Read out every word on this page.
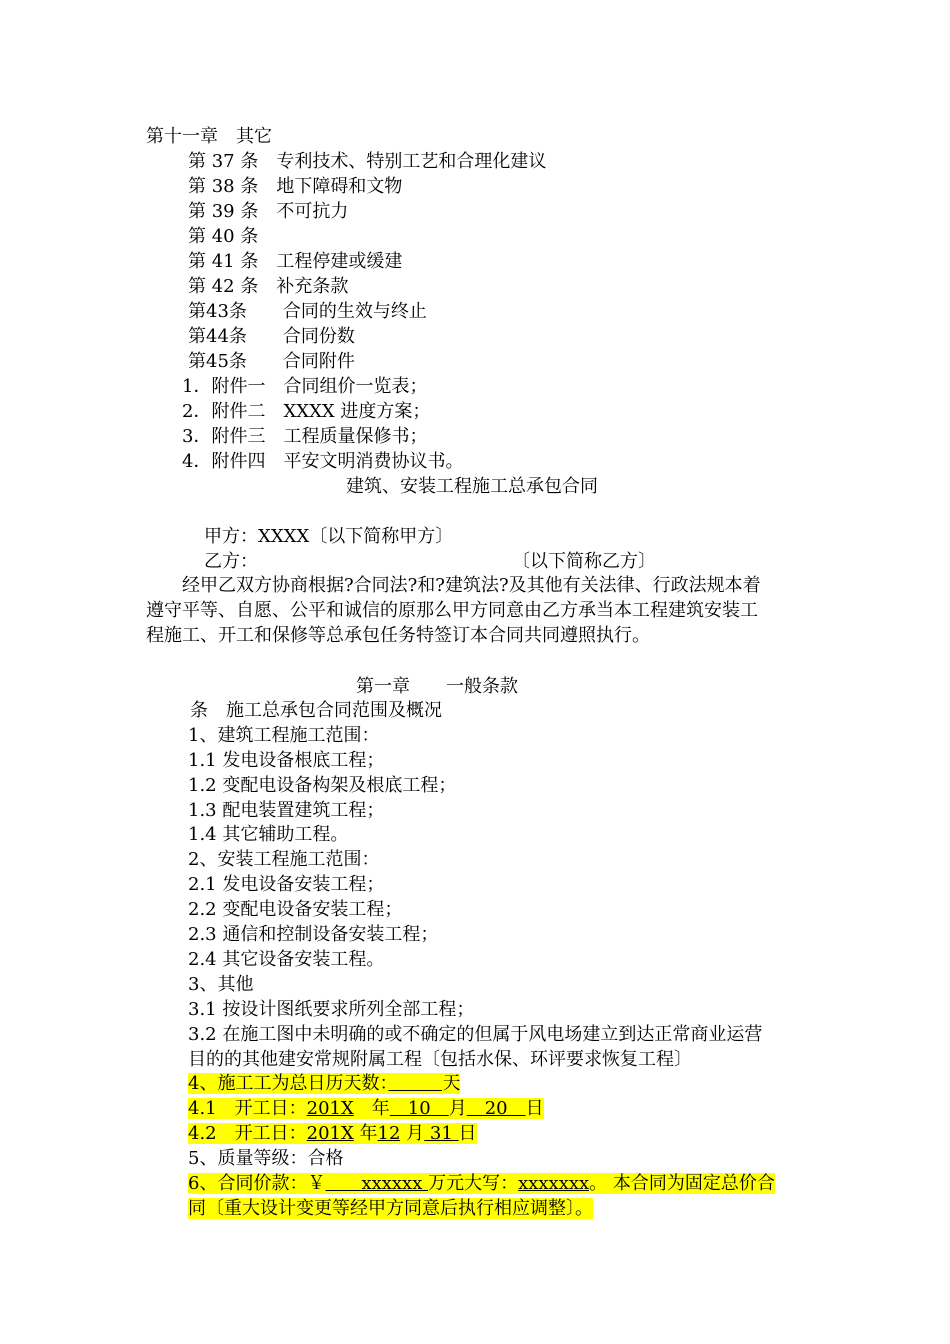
第十一章　其它
第 37 条　专利技术、特别工艺和合理化建议
第 38 条　地下障碍和文物
第 39 条　不可抗力
第 40 条
第 41 条　工程停建或缓建
第 42 条　补充条款
第43条　　合同的生效与终止
第44条　　合同份数
第45条　　合同附件
1．附件一　合同组价一览表；
2．附件二　XXXX 进度方案；
3．附件三　工程质量保修书；
4．附件四　平安文明消费协议书。
建筑、安装工程施工总承包合同
甲方：XXXX〔以下简称甲方〕
乙方：	〔以下简称乙方〕
经甲乙双方协商根据?合同法?和?建筑法?及其他有关法律、行政法规本着
遵守平等、自愿、公平和诚信的原那么甲方同意由乙方承当本工程建筑安装工
程施工、开工和保修等总承包任务特签订本合同共同遵照执行。
第一章　　一般条款
条　施工总承包合同范围及概况
1、建筑工程施工范围：
1.1 发电设备根底工程；
1.2 变配电设备构架及根底工程；
1.3 配电装置建筑工程；
1.4 其它辅助工程。
2、安装工程施工范围：
2.1 发电设备安装工程；
2.2 变配电设备安装工程；
2.3 通信和控制设备安装工程；
2.4 其它设备安装工程。
3、其他
3.1 按设计图纸要求所列全部工程；
3.2 在施工图中未明确的或不确定的但属于风电场建立到达正常商业运营
目的的其他建安常规附属工程〔包括水保、环评要求恢复工程〕
4、施工工为总日历天数：　　　	天
4.1　开工日：201X　年　10　月　20　日
4.2　开工日：201X 年12 月 31 日
5、质量等级：合格
6、合同价款：￥　　xxxxxx 万元大写：xxxxxxx。 本合同为固定总价合
同〔重大设计变更等经甲方同意后执行相应调整〕。
